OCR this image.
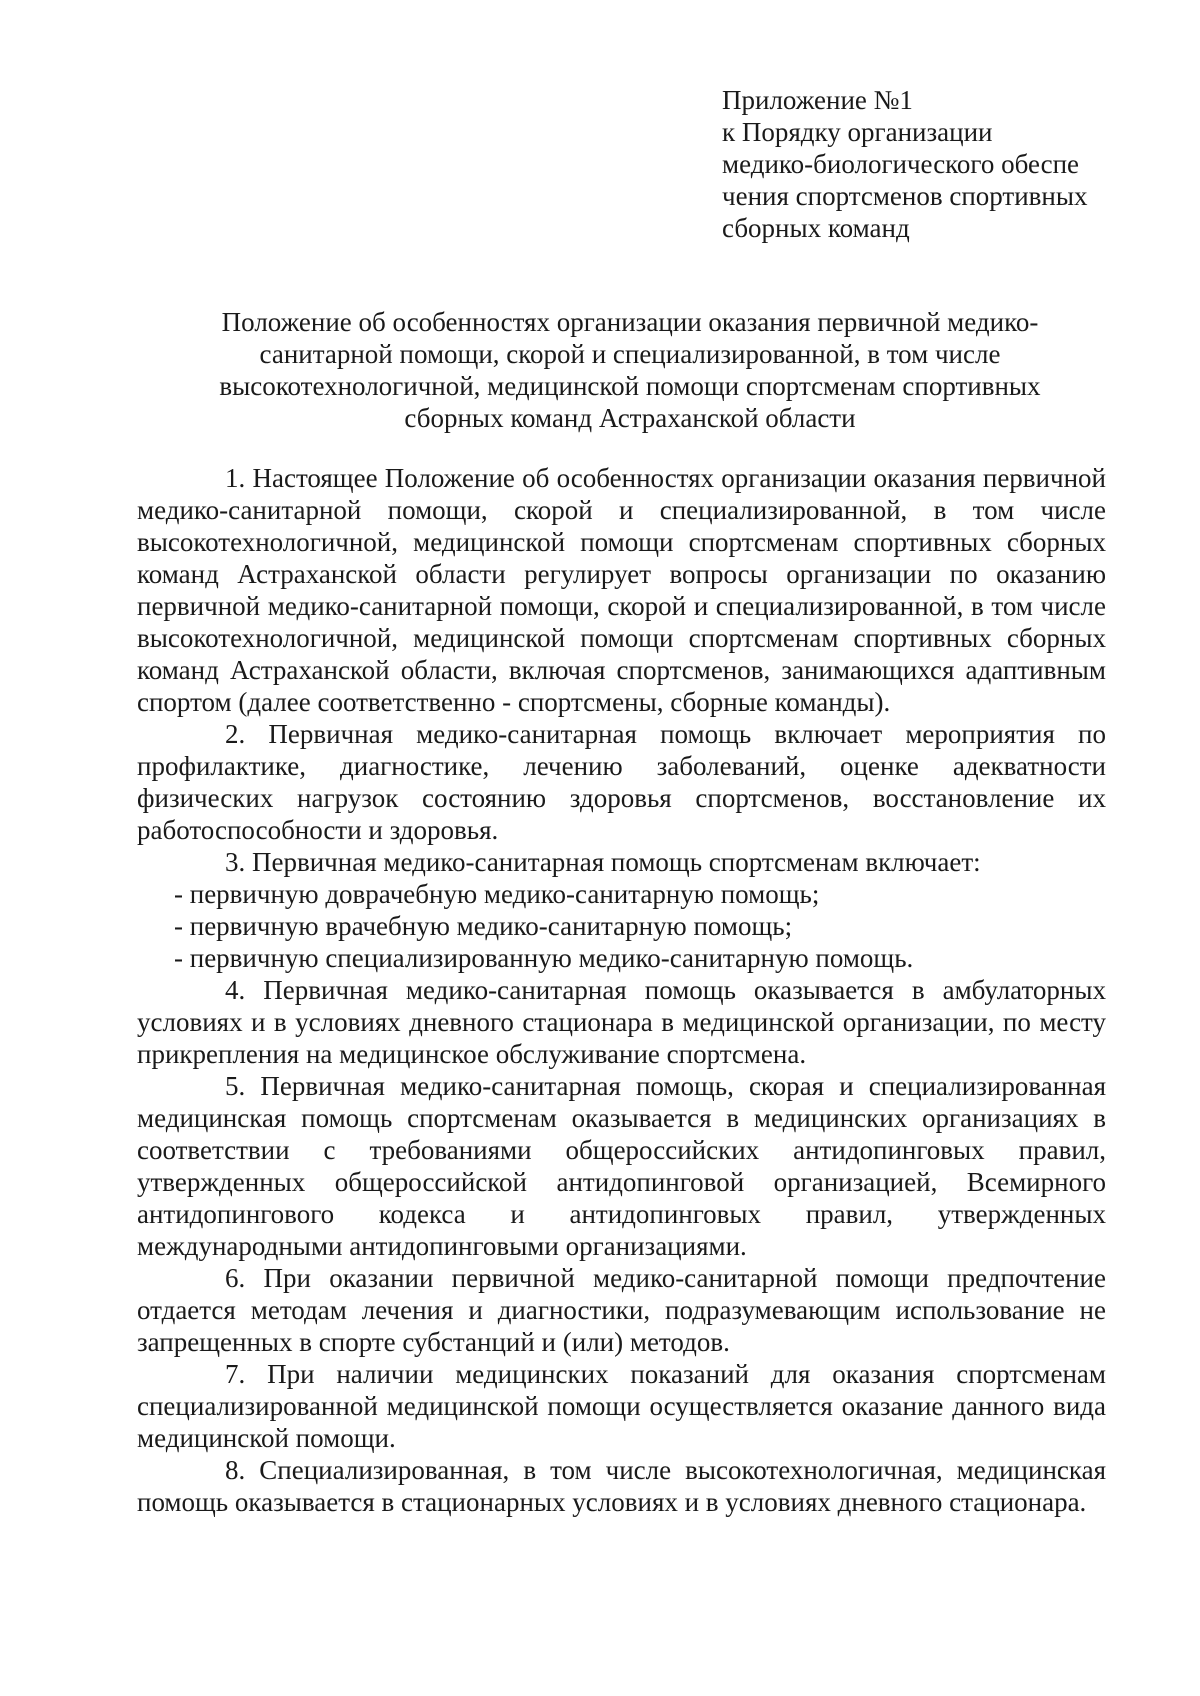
Приложение №1
к Порядку организации
медико-биологического обеспе
чения спортсменов спортивных
сборных команд
Положение об особенностях организации оказания первичной медико-
санитарной помощи, скорой и специализированной, в том числе
высокотехнологичной, медицинской помощи спортсменам спортивных
сборных команд Астраханской области

1. Настоящее Положение об особенностях организации оказания первичной медико-санитарной помощи, скорой и специализированной, в том числе высокотехнологичной, медицинской помощи спортсменам спортивных сборных команд Астраханской области регулирует вопросы организации по оказанию первичной медико-санитарной помощи, скорой и специализированной, в том числе высокотехнологичной, медицинской помощи спортсменам спортивных сборных команд Астраханской области, включая спортсменов, занимающихся адаптивным спортом (далее соответственно - спортсмены, сборные команды).

2. Первичная медико-санитарная помощь включает мероприятия по профилактике, диагностике, лечению заболеваний, оценке адекватности физических нагрузок состоянию здоровья спортсменов, восстановление их работоспособности и здоровья.

3. Первичная медико-санитарная помощь спортсменам включает:

- первичную доврачебную медико-санитарную помощь;

- первичную врачебную медико-санитарную помощь;

- первичную специализированную медико-санитарную помощь.

4. Первичная медико-санитарная помощь оказывается в амбулаторных условиях и в условиях дневного стационара в медицинской организации, по месту прикрепления на медицинское обслуживание спортсмена.

5. Первичная медико-санитарная помощь, скорая и специализированная медицинская помощь спортсменам оказывается в медицинских организациях в соответствии с требованиями общероссийских антидопинговых правил, утвержденных общероссийской антидопинговой организацией, Всемирного антидопингового кодекса и антидопинговых правил, утвержденных международными антидопинговыми организациями.

6. При оказании первичной медико-санитарной помощи предпочтение отдается методам лечения и диагностики, подразумевающим использование не запрещенных в спорте субстанций и (или) методов.

7. При наличии медицинских показаний для оказания спортсменам специализированной медицинской помощи осуществляется оказание данного вида медицинской помощи.

8. Специализированная, в том числе высокотехнологичная, медицинская помощь оказывается в стационарных условиях и в условиях дневного стационара.
